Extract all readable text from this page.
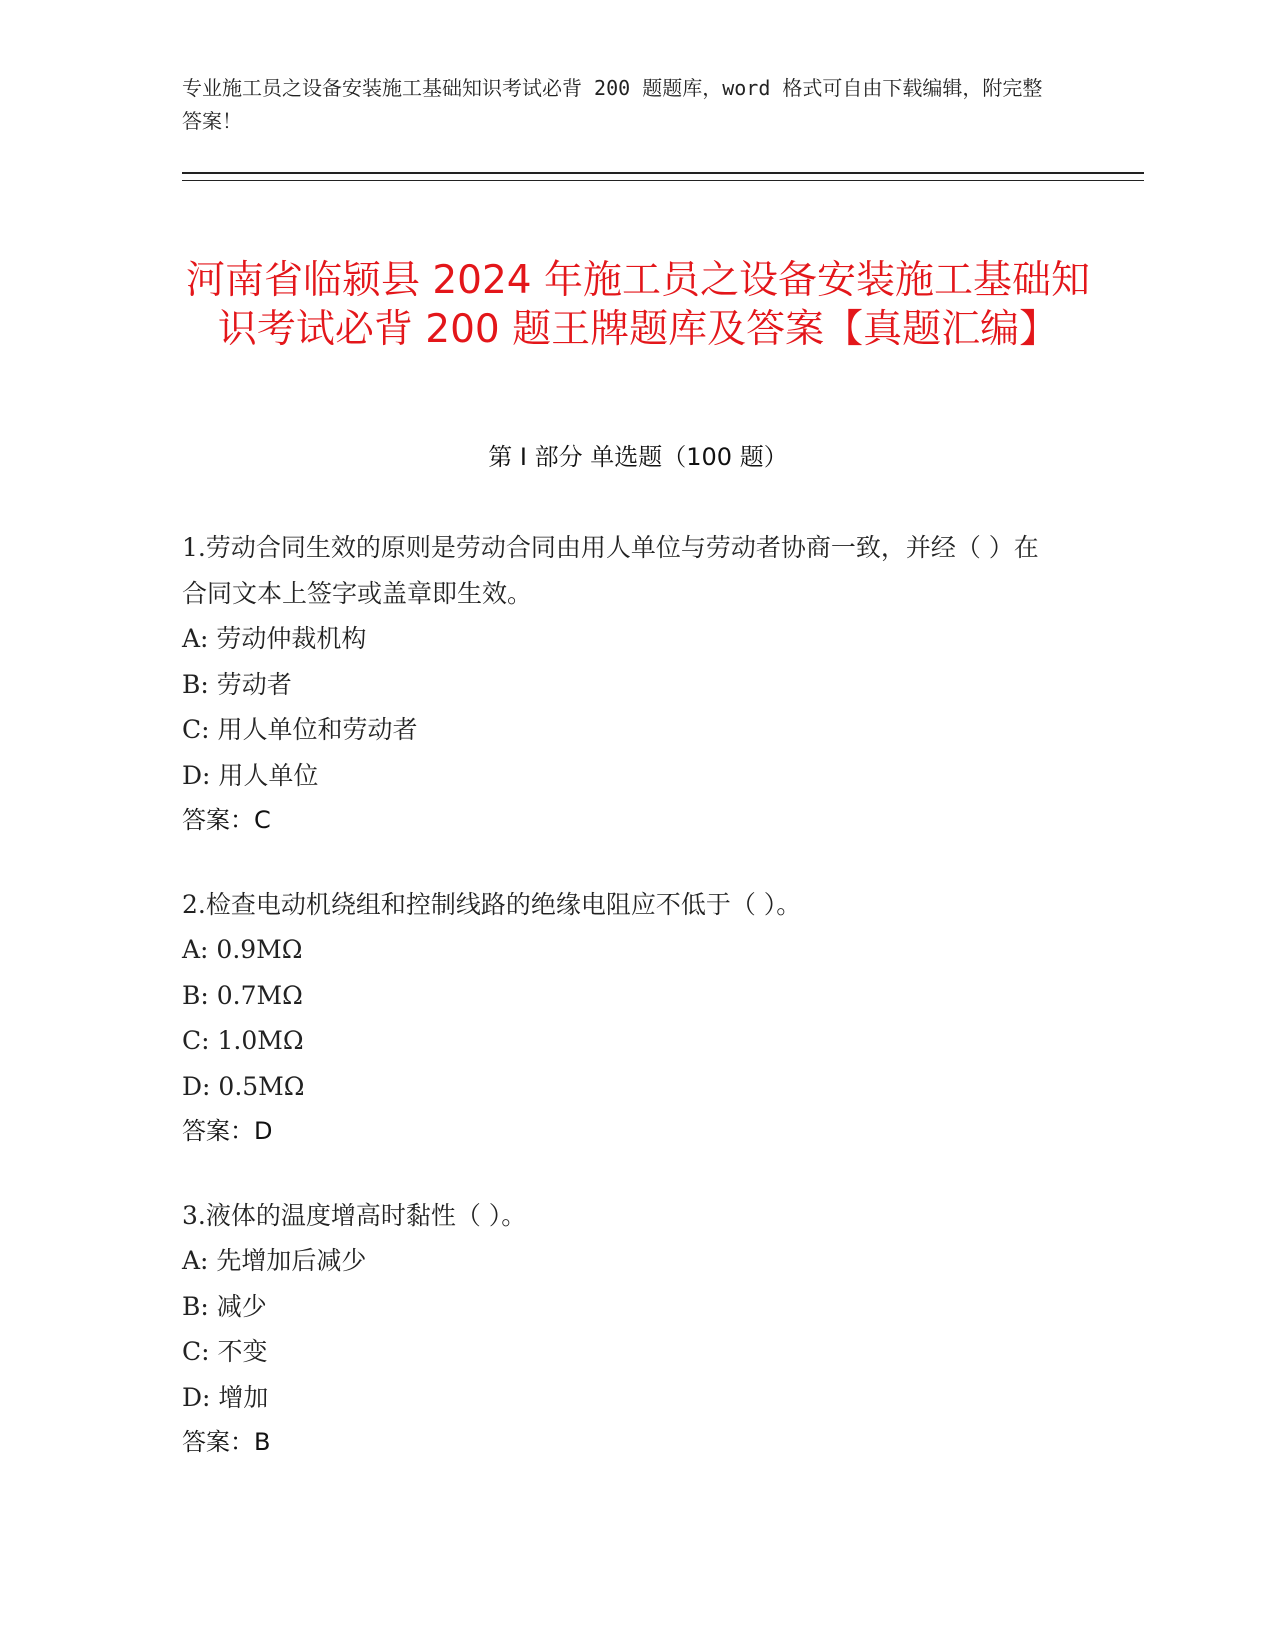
专业施工员之设备安装施工基础知识考试必背 200 题题库，word 格式可自由下载编辑，附完整答案！
河南省临颍县 2024 年施工员之设备安装施工基础知识考试必背 200 题王牌题库及答案【真题汇编】
第 I 部分 单选题（100 题）
1.劳动合同生效的原则是劳动合同由用人单位与劳动者协商一致，并经（ ）在合同文本上签字或盖章即生效。
A: 劳动仲裁机构
B: 劳动者
C: 用人单位和劳动者
D: 用人单位
答案：C
2.检查电动机绕组和控制线路的绝缘电阻应不低于（ ）。
A: 0.9MΩ
B: 0.7MΩ
C: 1.0MΩ
D: 0.5MΩ
答案：D
3.液体的温度增高时黏性（ ）。
A: 先增加后减少
B: 减少
C: 不变
D: 增加
答案：B
